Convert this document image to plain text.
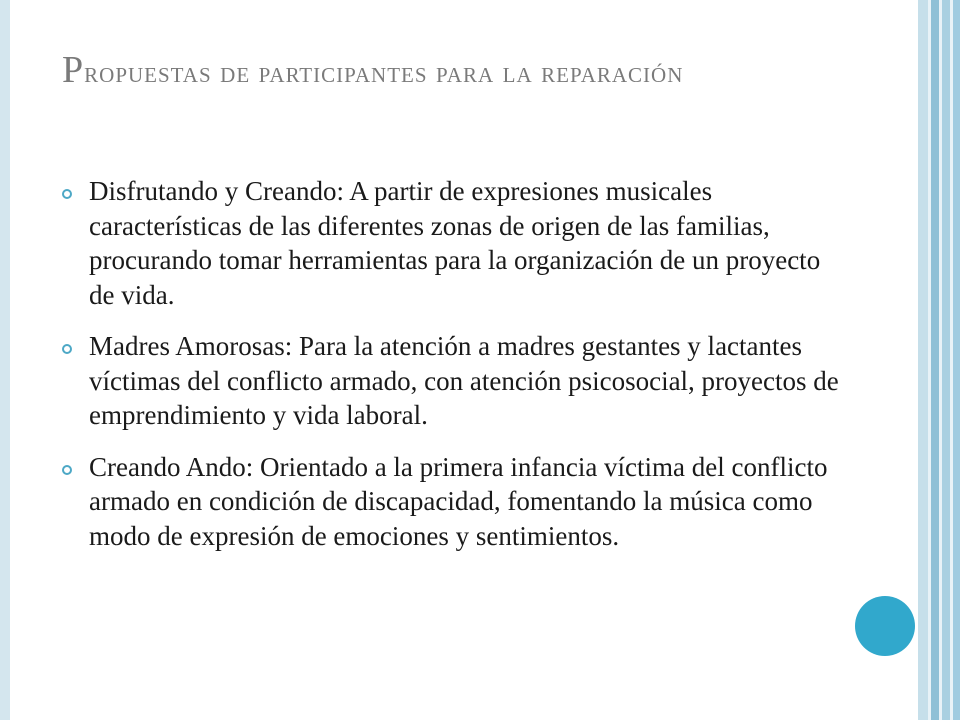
Propuestas de participantes para la reparación
Disfrutando y Creando: A partir de expresiones musicales características de las diferentes zonas de origen de las familias, procurando tomar herramientas para la organización de un proyecto de vida.
Madres Amorosas: Para la atención a madres gestantes y lactantes víctimas del conflicto armado, con atención psicosocial, proyectos de emprendimiento y vida laboral.
Creando Ando: Orientado a la primera infancia víctima del conflicto armado en condición de discapacidad, fomentando la música como modo de expresión de emociones y sentimientos.
